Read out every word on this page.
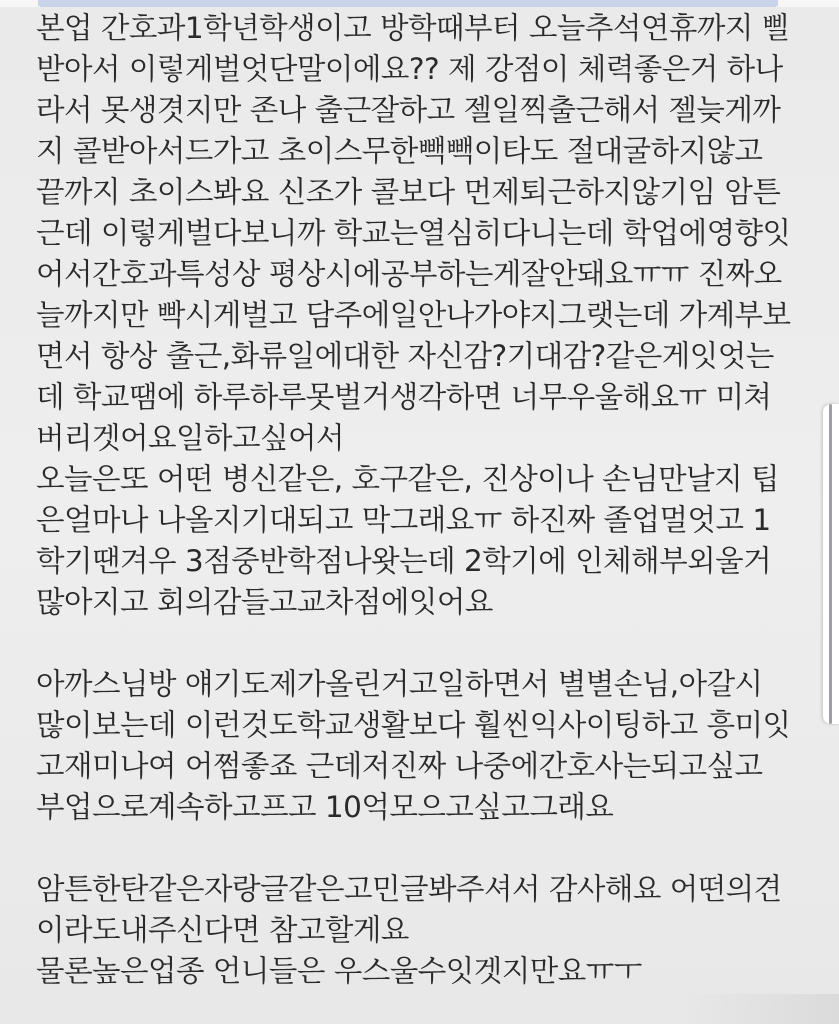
본업 간호과1학년학생이고 방학때부터 오늘추석연휴까지 삘
받아서 이렇게벌엇단말이에요?? 제 강점이 체력좋은거 하나
라서 못생겻지만 존나 출근잘하고 젤일찍출근해서 젤늦게까
지 콜받아서드가고 초이스무한빽빽이타도 절대굴하지않고
끝까지 초이스봐요 신조가 콜보다 먼제퇴근하지않기임 암튼
근데 이렇게벌다보니까 학교는열심히다니는데 학업에영향잇
어서간호과특성상 평상시에공부하는게잘안돼요ㅠㅠ 진짜오
늘까지만 빡시게벌고 담주에일안나가야지그랫는데 가계부보
면서 항상 출근,화류일에대한 자신감?기대감?같은게잇엇는
데 학교땜에 하루하루못벌거생각하면 너무우울해요ㅠ 미쳐
버리겟어요일하고싶어서
오늘은또 어떤 병신같은, 호구같은, 진상이나 손님만날지 팁
은얼마나 나올지기대되고 막그래요ㅠ 하진짜 졸업멀엇고 1
학기땐겨우 3점중반학점나왓는데 2학기에 인체해부외울거
많아지고 회의감들고교차점에잇어요
아까스님방 얘기도제가올린거고일하면서 별별손님,아갈시
많이보는데 이런것도학교생활보다 훨씬익사이팅하고 흥미잇
고재미나여 어쩜좋죠 근데저진짜 나중에간호사는되고싶고
부업으로계속하고프고 10억모으고싶고그래요
암튼한탄같은자랑글같은고민글봐주셔서 감사해요 어떤의견
이라도내주신다면 참고할게요
물론높은업종 언니들은 우스울수잇겟지만요ㅠㅜ
